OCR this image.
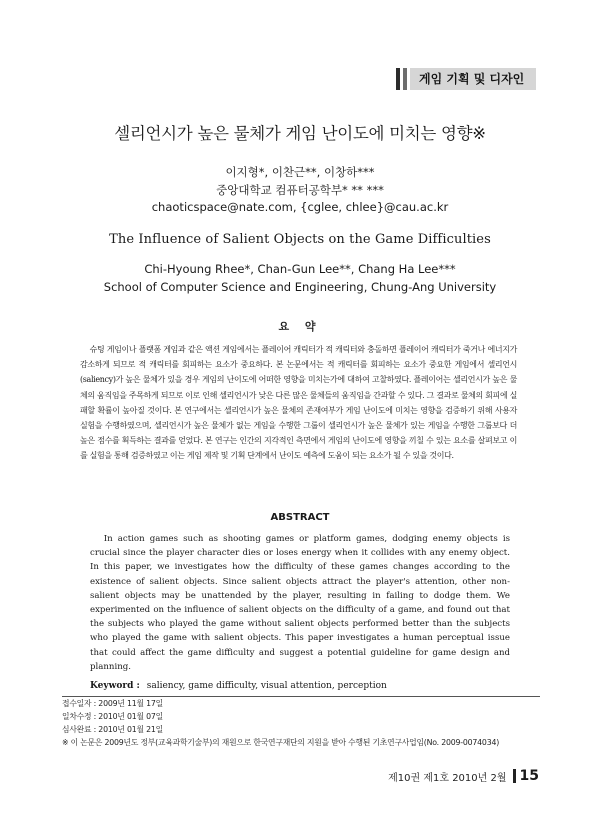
게임 기획 및 디자인
셀리언시가 높은 물체가 게임 난이도에 미치는 영향※
이지형*, 이찬근**, 이창하***
중앙대학교 컴퓨터공학부* ** ***
chaoticspace@nate.com, {cglee, chlee}@cau.ac.kr
The Influence of Salient Objects on the Game Difficulties
Chi-Hyoung Rhee*, Chan-Gun Lee**, Chang Ha Lee***
School of Computer Science and Engineering, Chung-Ang University
요 약

슈팅 게임이나 플랫폼 게임과 같은 액션 게임에서는 플레이어 캐릭터가 적 캐릭터와 충돌하면 플레이어 캐릭터가 죽거나 에너지가 감소하게 되므로 적 캐릭터를 회피하는 요소가 중요하다. 본 논문에서는 적 캐릭터를 회피하는 요소가 중요한 게임에서 셀리언시(saliency)가 높은 물체가 있을 경우 게임의 난이도에 어떠한 영향을 미치는가에 대하여 고찰하였다. 플레이어는 셀리언시가 높은 물체의 움직임을 주목하게 되므로 이로 인해 셀리언시가 낮은 다른 많은 물체들의 움직임을 간과할 수 있다. 그 결과로 물체의 회피에 실패할 확률이 높아질 것이다. 본 연구에서는 셀리언시가 높은 물체의 존재여부가 게임 난이도에 미치는 영향을 검증하기 위해 사용자 실험을 수행하였으며, 셀리언시가 높은 물체가 없는 게임을 수행한 그룹이 셀리언시가 높은 물체가 있는 게임을 수행한 그룹보다 더 높은 점수를 획득하는 결과를 얻었다. 본 연구는 인간의 지각적인 측면에서 게임의 난이도에 영향을 끼칠 수 있는 요소를 살펴보고 이를 실험을 통해 검증하였고 이는 게임 제작 및 기획 단계에서 난이도 예측에 도움이 되는 요소가 될 수 있을 것이다.

ABSTRACT

In action games such as shooting games or platform games, dodging enemy objects is crucial since the player character dies or loses energy when it collides with any enemy object. In this paper, we investigates how the difficulty of these games changes according to the existence of salient objects. Since salient objects attract the player's attention, other non-salient objects may be unattended by the player, resulting in failing to dodge them. We experimented on the influence of salient objects on the difficulty of a game, and found out that the subjects who played the game without salient objects performed better than the subjects who played the game with salient objects. This paper investigates a human perceptual issue that could affect the game difficulty and suggest a potential guideline for game design and planning.

Keyword : saliency, game difficulty, visual attention, perception
접수일자 : 2009년 11월 17일
일차수정 : 2010년 01월 07일
심사완료 : 2010년 01월 21일
※ 이 논문은 2009년도 정부(교육과학기술부)의 재원으로 한국연구재단의 지원을 받아 수행된 기초연구사업임(No. 2009-0074034)
제10권 제1호 2010년 2월 15
